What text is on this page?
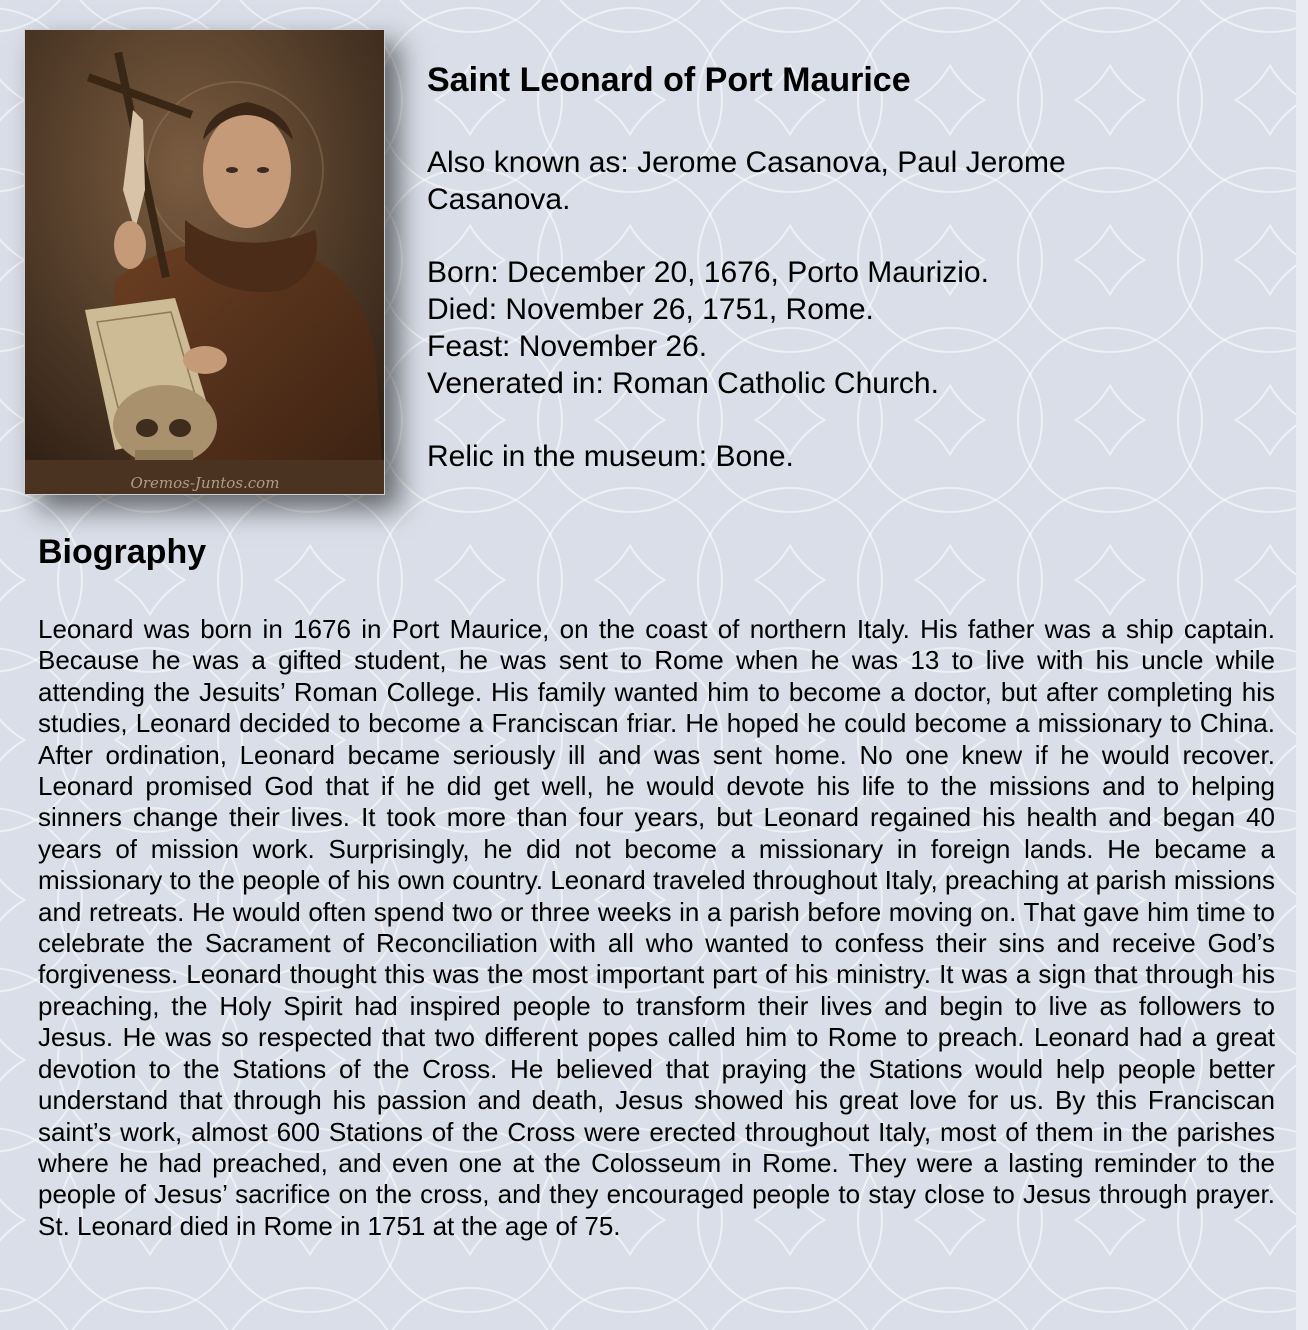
Oremos-Juntos.com
Saint Leonard of Port Maurice

Also known as: Jerome Casanova, Paul Jerome Casanova.

Born: December 20, 1676, Porto Maurizio.

Died: November 26, 1751, Rome.

Feast: November 26.

Venerated in: Roman Catholic Church.

Relic in the museum: Bone.

Biography

Leonard was born in 1676 in Port Maurice, on the coast of northern Italy. His father was a ship captain. Because he was a gifted student, he was sent to Rome when he was 13 to live with his uncle while attending the Jesuits’ Roman College. His family wanted him to become a doctor, but after completing his studies, Leonard decided to become a Franciscan friar. He hoped he could become a missionary to China. After ordination, Leonard became seriously ill and was sent home. No one knew if he would recover. Leonard promised God that if he did get well, he would devote his life to the missions and to helping sinners change their lives. It took more than four years, but Leonard regained his health and began 40 years of mission work. Surprisingly, he did not become a missionary in foreign lands. He became a missionary to the people of his own country. Leonard traveled throughout Italy, preaching at parish missions and retreats. He would often spend two or three weeks in a parish before moving on. That gave him time to celebrate the Sacrament of Reconciliation with all who wanted to confess their sins and receive God’s forgiveness. Leonard thought this was the most important part of his ministry. It was a sign that through his preaching, the Holy Spirit had inspired people to transform their lives and begin to live as followers to Jesus. He was so respected that two different popes called him to Rome to preach. Leonard had a great devotion to the Stations of the Cross. He believed that praying the Stations would help people better understand that through his passion and death, Jesus showed his great love for us. By this Franciscan saint’s work, almost 600 Stations of the Cross were erected throughout Italy, most of them in the parishes where he had preached, and even one at the Colosseum in Rome. They were a lasting reminder to the people of Jesus’ sacrifice on the cross, and they encouraged people to stay close to Jesus through prayer. St. Leonard died in Rome in 1751 at the age of 75.
